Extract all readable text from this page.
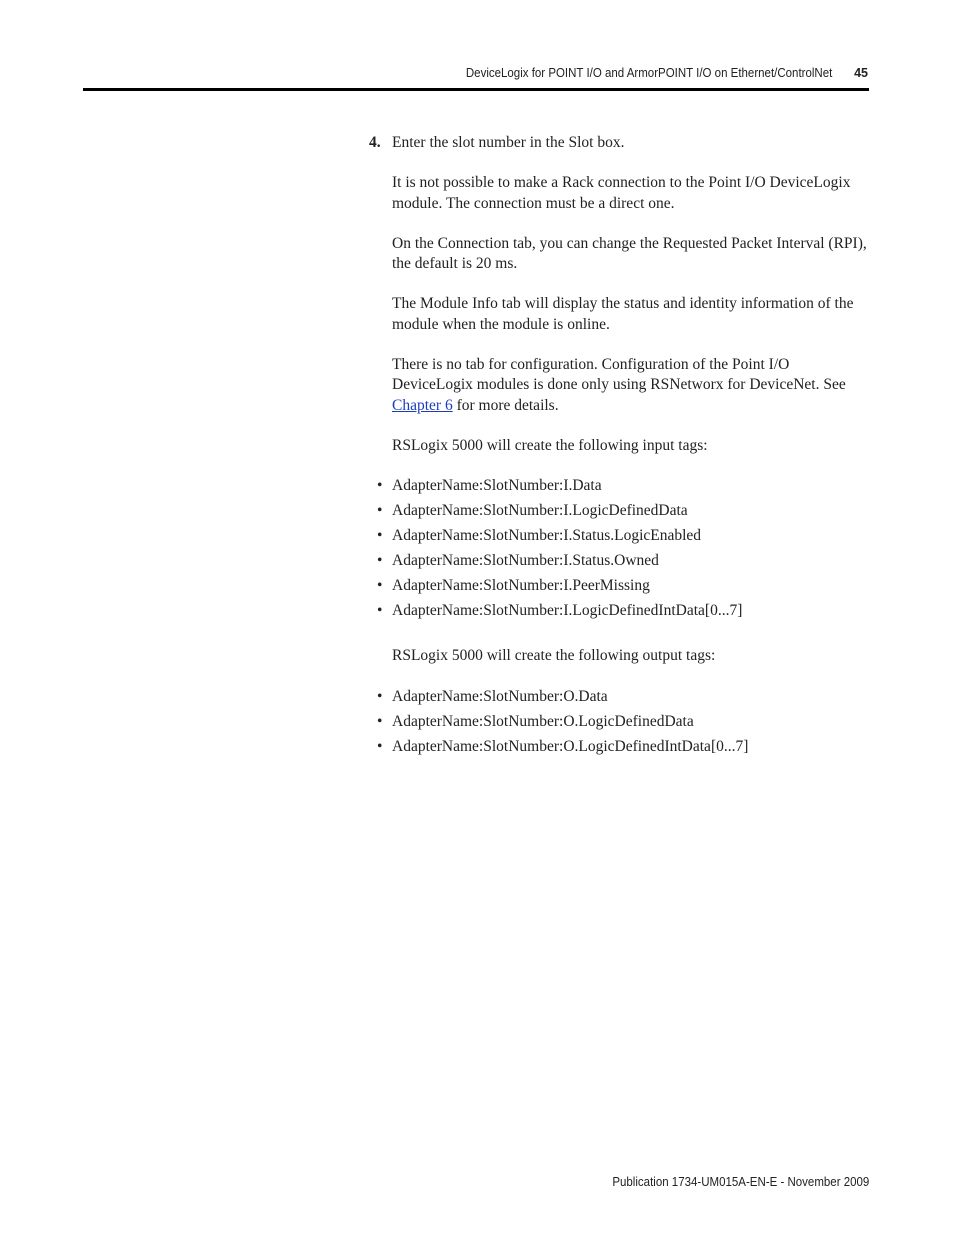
DeviceLogix for POINT I/O and ArmorPOINT I/O on Ethernet/ControlNet 45
4. Enter the slot number in the Slot box.

It is not possible to make a Rack connection to the Point I/O DeviceLogix module. The connection must be a direct one.

On the Connection tab, you can change the Requested Packet Interval (RPI), the default is 20 ms.

The Module Info tab will display the status and identity information of the module when the module is online.

There is no tab for configuration. Configuration of the Point I/O DeviceLogix modules is done only using RSNetworx for DeviceNet. See Chapter 6 for more details.

RSLogix 5000 will create the following input tags:

• AdapterName:SlotNumber:I.Data
• AdapterName:SlotNumber:I.LogicDefinedData
• AdapterName:SlotNumber:I.Status.LogicEnabled
• AdapterName:SlotNumber:I.Status.Owned
• AdapterName:SlotNumber:I.PeerMissing
• AdapterName:SlotNumber:I.LogicDefinedIntData[0...7]

RSLogix 5000 will create the following output tags:

• AdapterName:SlotNumber:O.Data
• AdapterName:SlotNumber:O.LogicDefinedData
• AdapterName:SlotNumber:O.LogicDefinedIntData[0...7]
Publication 1734-UM015A-EN-E - November 2009
